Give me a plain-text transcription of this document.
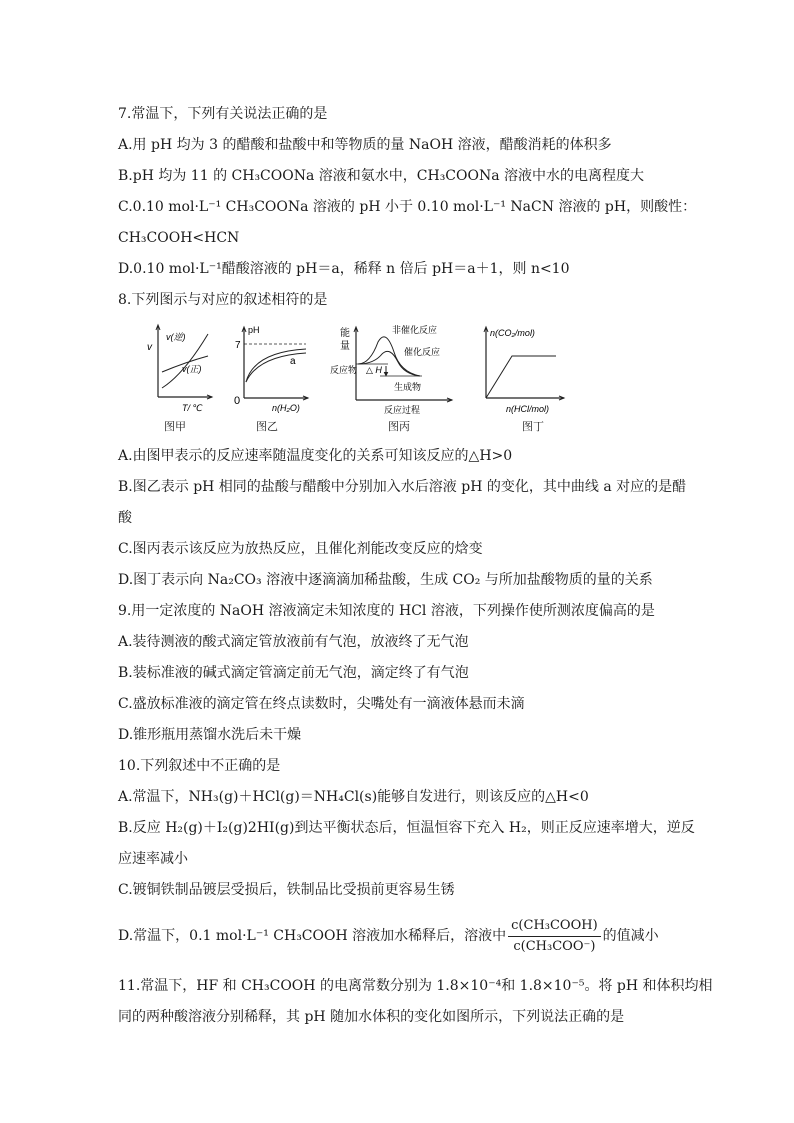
7.常温下，下列有关说法正确的是
A.用 pH 均为 3 的醋酸和盐酸中和等物质的量 NaOH 溶液，醋酸消耗的体积多
B.pH 均为 11 的 CH₃COONa 溶液和氨水中，CH₃COONa 溶液中水的电离程度大
C.0.10 mol·L⁻¹ CH₃COONa 溶液的 pH 小于 0.10 mol·L⁻¹ NaCN 溶液的 pH，则酸性：
CH₃COOH<HCN
D.0.10 mol·L⁻¹醋酸溶液的 pH＝a，稀释 n 倍后 pH＝a＋1，则 n<10
8.下列图示与对应的叙述相符的是
v
v(逆)
v(正)
T/ ℃
图甲
pH
7
0
a
n(H₂O)
图乙
能
量
非催化反应
催化反应
反应物 △ H
生成物
反应过程
图丙
n(CO₂/mol)
n(HCl/mol)
图丁
A.由图甲表示的反应速率随温度变化的关系可知该反应的△H>0
B.图乙表示 pH 相同的盐酸与醋酸中分别加入水后溶液 pH 的变化，其中曲线 a 对应的是醋
酸
C.图丙表示该反应为放热反应，且催化剂能改变反应的焓变
D.图丁表示向 Na₂CO₃ 溶液中逐滴滴加稀盐酸，生成 CO₂ 与所加盐酸物质的量的关系
9.用一定浓度的 NaOH 溶液滴定未知浓度的 HCl 溶液，下列操作使所测浓度偏高的是
A.装待测液的酸式滴定管放液前有气泡，放液终了无气泡
B.装标准液的碱式滴定管滴定前无气泡，滴定终了有气泡
C.盛放标准液的滴定管在终点读数时，尖嘴处有一滴液体悬而未滴
D.锥形瓶用蒸馏水洗后未干燥
10.下列叙述中不正确的是
A.常温下，NH₃(g)＋HCl(g)＝NH₄Cl(s)能够自发进行，则该反应的△H<0
B.反应 H₂(g)＋I₂(g)2HI(g)到达平衡状态后，恒温恒容下充入 H₂，则正反应速率增大，逆反
应速率减小
C.镀铜铁制品镀层受损后，铁制品比受损前更容易生锈
D.常温下，0.1 mol·L⁻¹ CH₃COOH 溶液加水稀释后，溶液中 $\frac{\text{c(CH₃COOH)}}{\text{c(CH₃COO⁻)}}$ 的值减小
11.常温下，HF 和 CH₃COOH 的电离常数分别为 1.8×10⁻⁴和 1.8×10⁻⁵。将 pH 和体积均相
同的两种酸溶液分别稀释，其 pH 随加水体积的变化如图所示，下列说法正确的是
